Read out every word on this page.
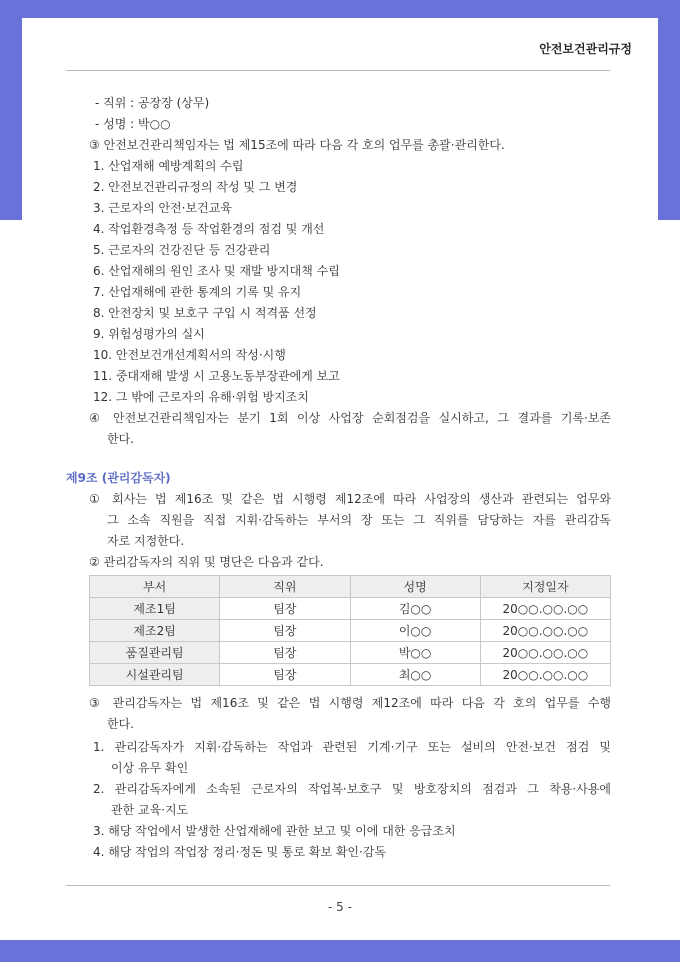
안전보건관리규정
- 직위 : 공장장 (상무)
- 성명 : 박○○
③ 안전보건관리책임자는 법 제15조에 따라 다음 각 호의 업무를 총괄·관리한다.
1. 산업재해 예방계획의 수립
2. 안전보건관리규정의 작성 및 그 변경
3. 근로자의 안전·보건교육
4. 작업환경측정 등 작업환경의 점검 및 개선
5. 근로자의 건강진단 등 건강관리
6. 산업재해의 원인 조사 및 재발 방지대책 수립
7. 산업재해에 관한 통계의 기록 및 유지
8. 안전장치 및 보호구 구입 시 적격품 선정
9. 위험성평가의 실시
10. 안전보건개선계획서의 작성·시행
11. 중대재해 발생 시 고용노동부장관에게 보고
12. 그 밖에 근로자의 유해·위험 방지조치
④ 안전보건관리책임자는 분기 1회 이상 사업장 순회점검을 실시하고, 그 결과를 기록·보존
한다.
제9조 (관리감독자)
① 회사는 법 제16조 및 같은 법 시행령 제12조에 따라 사업장의 생산과 관련되는 업무와
그 소속 직원을 직접 지휘·감독하는 부서의 장 또는 그 직위를 담당하는 자를 관리감독
자로 지정한다.
② 관리감독자의 직위 및 명단은 다음과 같다.
부서	직위	성명	지정일자
제조1팀	팀장	김○○	20○○.○○.○○
제조2팀	팀장	이○○	20○○.○○.○○
품질관리팀	팀장	박○○	20○○.○○.○○
시설관리팀	팀장	최○○	20○○.○○.○○
③ 관리감독자는 법 제16조 및 같은 법 시행령 제12조에 따라 다음 각 호의 업무를 수행
한다.
1. 관리감독자가 지휘·감독하는 작업과 관련된 기계·기구 또는 설비의 안전·보건 점검 및
이상 유무 확인
2. 관리감독자에게 소속된 근로자의 작업복·보호구 및 방호장치의 점검과 그 착용·사용에
관한 교육·지도
3. 해당 작업에서 발생한 산업재해에 관한 보고 및 이에 대한 응급조치
4. 해당 작업의 작업장 정리·정돈 및 통로 확보 확인·감독
- 5 -
